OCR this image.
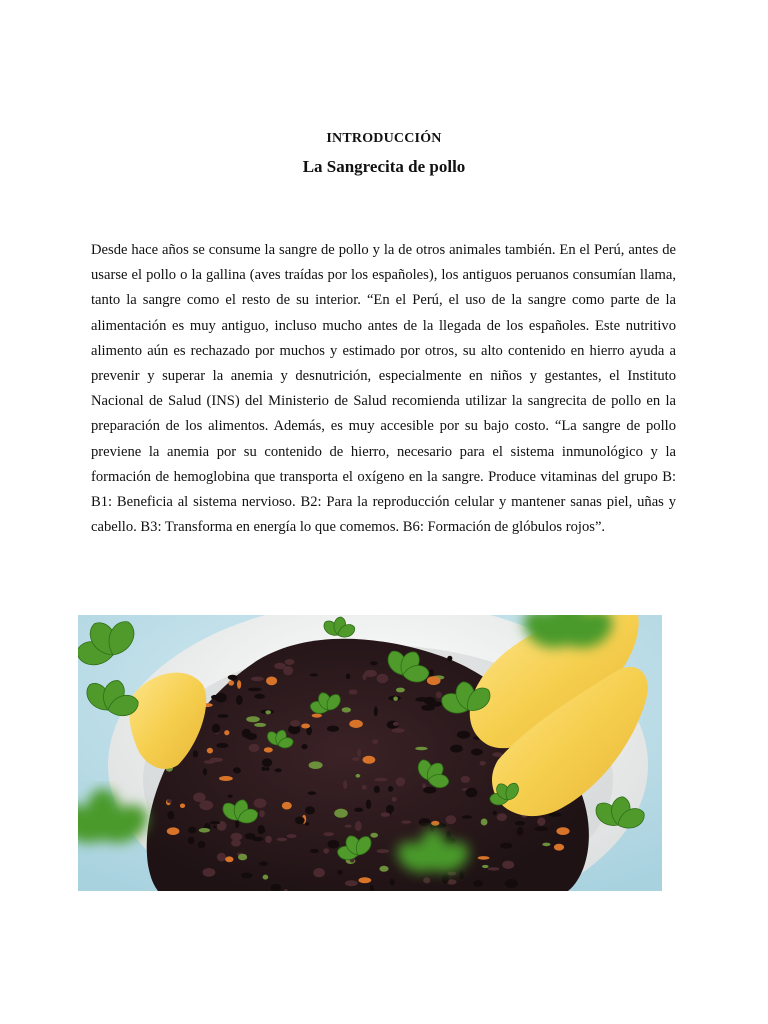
INTRODUCCIÓN
La Sangrecita de pollo

Desde hace años se consume la sangre de pollo y la de otros animales también. En el Perú, antes de usarse el pollo o la gallina (aves traídas por los españoles), los antiguos peruanos consumían llama, tanto la sangre como el resto de su interior. “En el Perú, el uso de la sangre como parte de la alimentación es muy antiguo, incluso mucho antes de la llegada de los españoles. Este nutritivo alimento aún es rechazado por muchos y estimado por otros, su alto contenido en hierro ayuda a prevenir y superar la anemia y desnutrición, especialmente en niños y gestantes, el Instituto Nacional de Salud (INS) del Ministerio de Salud recomienda utilizar la sangrecita de pollo en la preparación de los alimentos. Además, es muy accesible por su bajo costo. “La sangre de pollo previene la anemia por su contenido de hierro, necesario para el sistema inmunológico y la formación de hemoglobina que transporta el oxígeno en la sangre. Produce vitaminas del grupo B: B1: Beneficia al sistema nervioso. B2: Para la reproducción celular y mantener sanas piel, uñas y cabello. B3: Transforma en energía lo que comemos. B6: Formación de glóbulos rojos”.
